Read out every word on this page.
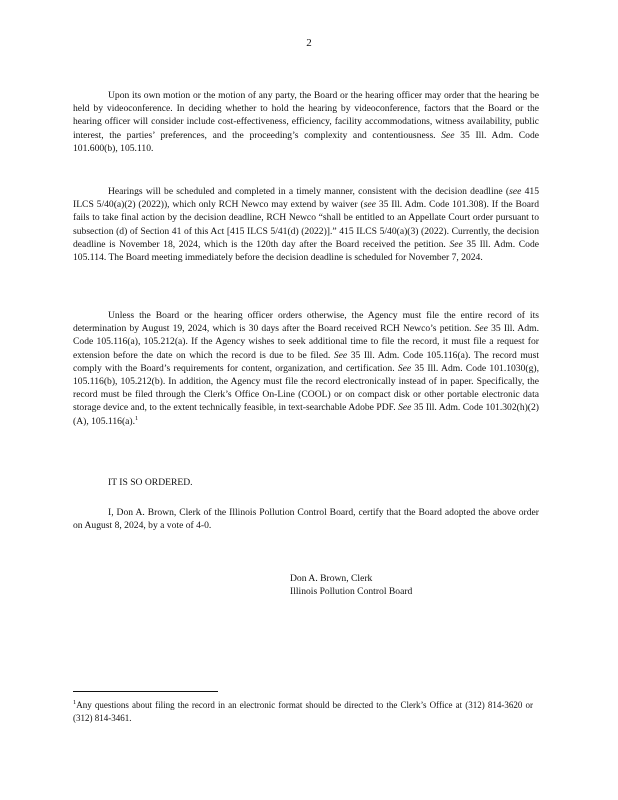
2

Upon its own motion or the motion of any party, the Board or the hearing officer may order that the hearing be held by videoconference. In deciding whether to hold the hearing by videoconference, factors that the Board or the hearing officer will consider include cost-effectiveness, efficiency, facility accommodations, witness availability, public interest, the parties’ preferences, and the proceeding’s complexity and contentiousness. See 35 Ill. Adm. Code 101.600(b), 105.110.

Hearings will be scheduled and completed in a timely manner, consistent with the decision deadline (see 415 ILCS 5/40(a)(2) (2022)), which only RCH Newco may extend by waiver (see 35 Ill. Adm. Code 101.308). If the Board fails to take final action by the decision deadline, RCH Newco “shall be entitled to an Appellate Court order pursuant to subsection (d) of Section 41 of this Act [415 ILCS 5/41(d) (2022)].” 415 ILCS 5/40(a)(3) (2022). Currently, the decision deadline is November 18, 2024, which is the 120th day after the Board received the petition. See 35 Ill. Adm. Code 105.114. The Board meeting immediately before the decision deadline is scheduled for November 7, 2024.

Unless the Board or the hearing officer orders otherwise, the Agency must file the entire record of its determination by August 19, 2024, which is 30 days after the Board received RCH Newco’s petition. See 35 Ill. Adm. Code 105.116(a), 105.212(a). If the Agency wishes to seek additional time to file the record, it must file a request for extension before the date on which the record is due to be filed. See 35 Ill. Adm. Code 105.116(a). The record must comply with the Board’s requirements for content, organization, and certification. See 35 Ill. Adm. Code 101.1030(g), 105.116(b), 105.212(b). In addition, the Agency must file the record electronically instead of in paper. Specifically, the record must be filed through the Clerk’s Office On-Line (COOL) or on compact disk or other portable electronic data storage device and, to the extent technically feasible, in text-searchable Adobe PDF. See 35 Ill. Adm. Code 101.302(h)(2)(A), 105.116(a).$^1$

IT IS SO ORDERED.

I, Don A. Brown, Clerk of the Illinois Pollution Control Board, certify that the Board adopted the above order on August 8, 2024, by a vote of 4-0.

Don A. Brown, Clerk
Illinois Pollution Control Board

$^1$Any questions about filing the record in an electronic format should be directed to the Clerk’s Office at (312) 814-3620 or (312) 814-3461.
